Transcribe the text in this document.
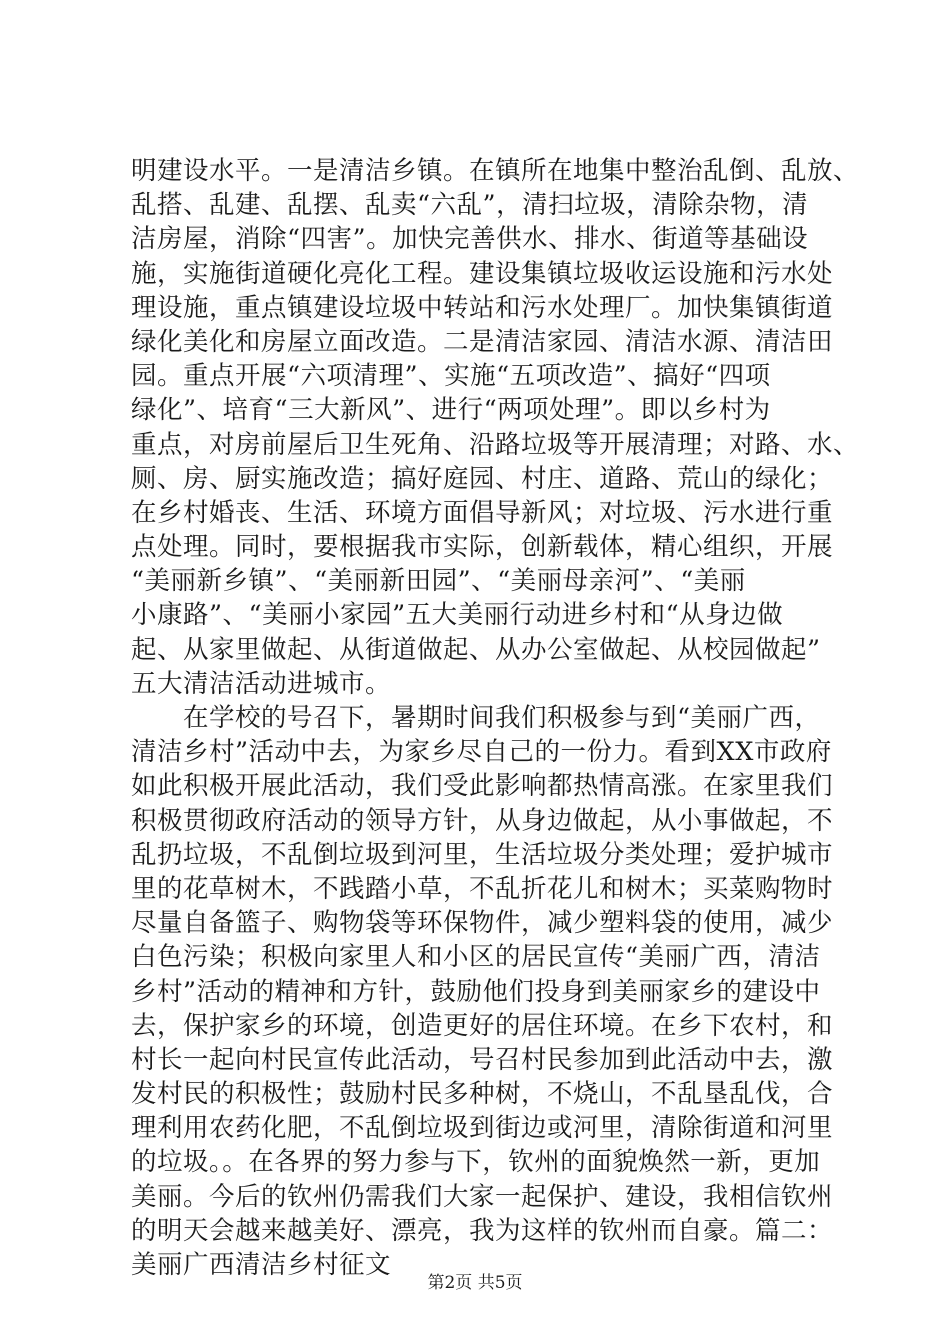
明建设水平。一是清洁乡镇。在镇所在地集中整治乱倒、乱放、
乱搭、乱建、乱摆、乱卖“六乱”，清扫垃圾，清除杂物，清
洁房屋，消除“四害”。加快完善供水、排水、街道等基础设
施，实施街道硬化亮化工程。建设集镇垃圾收运设施和污水处
理设施，重点镇建设垃圾中转站和污水处理厂。加快集镇街道
绿化美化和房屋立面改造。二是清洁家园、清洁水源、清洁田
园。重点开展“六项清理”、实施“五项改造”、搞好“四项
绿化”、培育“三大新风”、进行“两项处理”。即以乡村为
重点，对房前屋后卫生死角、沿路垃圾等开展清理；对路、水、
厕、房、厨实施改造；搞好庭园、村庄、道路、荒山的绿化；
在乡村婚丧、生活、环境方面倡导新风；对垃圾、污水进行重
点处理。同时，要根据我市实际，创新载体，精心组织，开展
“美丽新乡镇”、“美丽新田园”、“美丽母亲河”、“美丽
小康路”、“美丽小家园”五大美丽行动进乡村和“从身边做
起、从家里做起、从街道做起、从办公室做起、从校园做起”
五大清洁活动进城市。
在学校的号召下，暑期时间我们积极参与到“美丽广西，
清洁乡村”活动中去，为家乡尽自己的一份力。看到XX市政府
如此积极开展此活动，我们受此影响都热情高涨。在家里我们
积极贯彻政府活动的领导方针，从身边做起，从小事做起，不
乱扔垃圾，不乱倒垃圾到河里，生活垃圾分类处理；爱护城市
里的花草树木，不践踏小草，不乱折花儿和树木；买菜购物时
尽量自备篮子、购物袋等环保物件，减少塑料袋的使用，减少
白色污染；积极向家里人和小区的居民宣传“美丽广西，清洁
乡村”活动的精神和方针，鼓励他们投身到美丽家乡的建设中
去，保护家乡的环境，创造更好的居住环境。在乡下农村，和
村长一起向村民宣传此活动，号召村民参加到此活动中去，激
发村民的积极性；鼓励村民多种树，不烧山，不乱垦乱伐，合
理利用农药化肥，不乱倒垃圾到街边或河里，清除街道和河里
的垃圾。。在各界的努力参与下，钦州的面貌焕然一新，更加
美丽。今后的钦州仍需我们大家一起保护、建设，我相信钦州
的明天会越来越美好、漂亮，我为这样的钦州而自豪。篇二：
美丽广西清洁乡村征文
第2页 共5页
